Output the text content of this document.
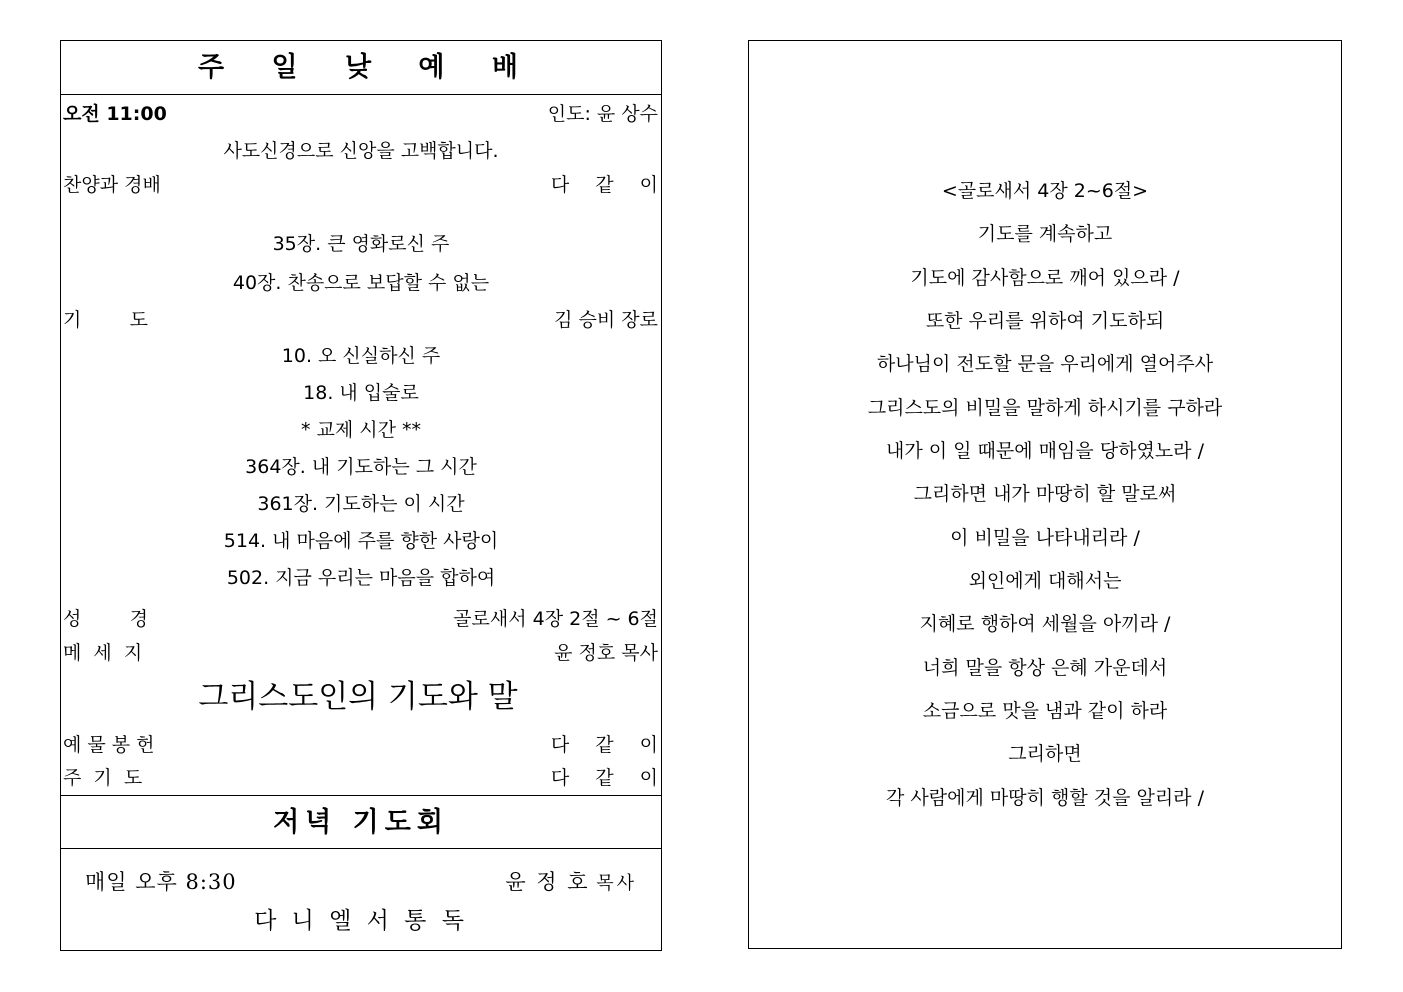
주 일 낮 예 배
오전 11:00	인도: 윤 상수
사도신경으로 신앙을 고백합니다.
찬양과 경배	다 같 이
35장. 큰 영화로신 주
40장. 찬송으로 보답할 수 없는
기        도	김 승비 장로
10. 오 신실하신 주
18. 내 입술로
* 교제 시간 **
364장. 내 기도하는 그 시간
361장. 기도하는 이 시간
514. 내 마음에 주를 향한 사랑이
502. 지금 우리는 마음을 합하여
성        경	골로새서 4장 2절 ~ 6절
메  세  지	윤 정호 목사
그리스도인의 기도와 말
예 물 봉 헌	다 같 이
주  기  도	다 같 이
저녁 기도회
매일 오후 8:30	윤 정 호 목사
다 니 엘 서 통 독
<골로새서 4장 2~6절>
기도를 계속하고
기도에 감사함으로 깨어 있으라 /
또한 우리를 위하여 기도하되
하나님이 전도할 문을 우리에게 열어주사
그리스도의 비밀을 말하게 하시기를 구하라
내가 이 일 때문에 매임을 당하였노라 /
그리하면 내가 마땅히 할 말로써
이 비밀을 나타내리라 /
외인에게 대해서는
지혜로 행하여 세월을 아끼라 /
너희 말을 항상 은혜 가운데서
소금으로 맛을 냄과 같이 하라
그리하면
각 사람에게 마땅히 행할 것을 알리라 /
